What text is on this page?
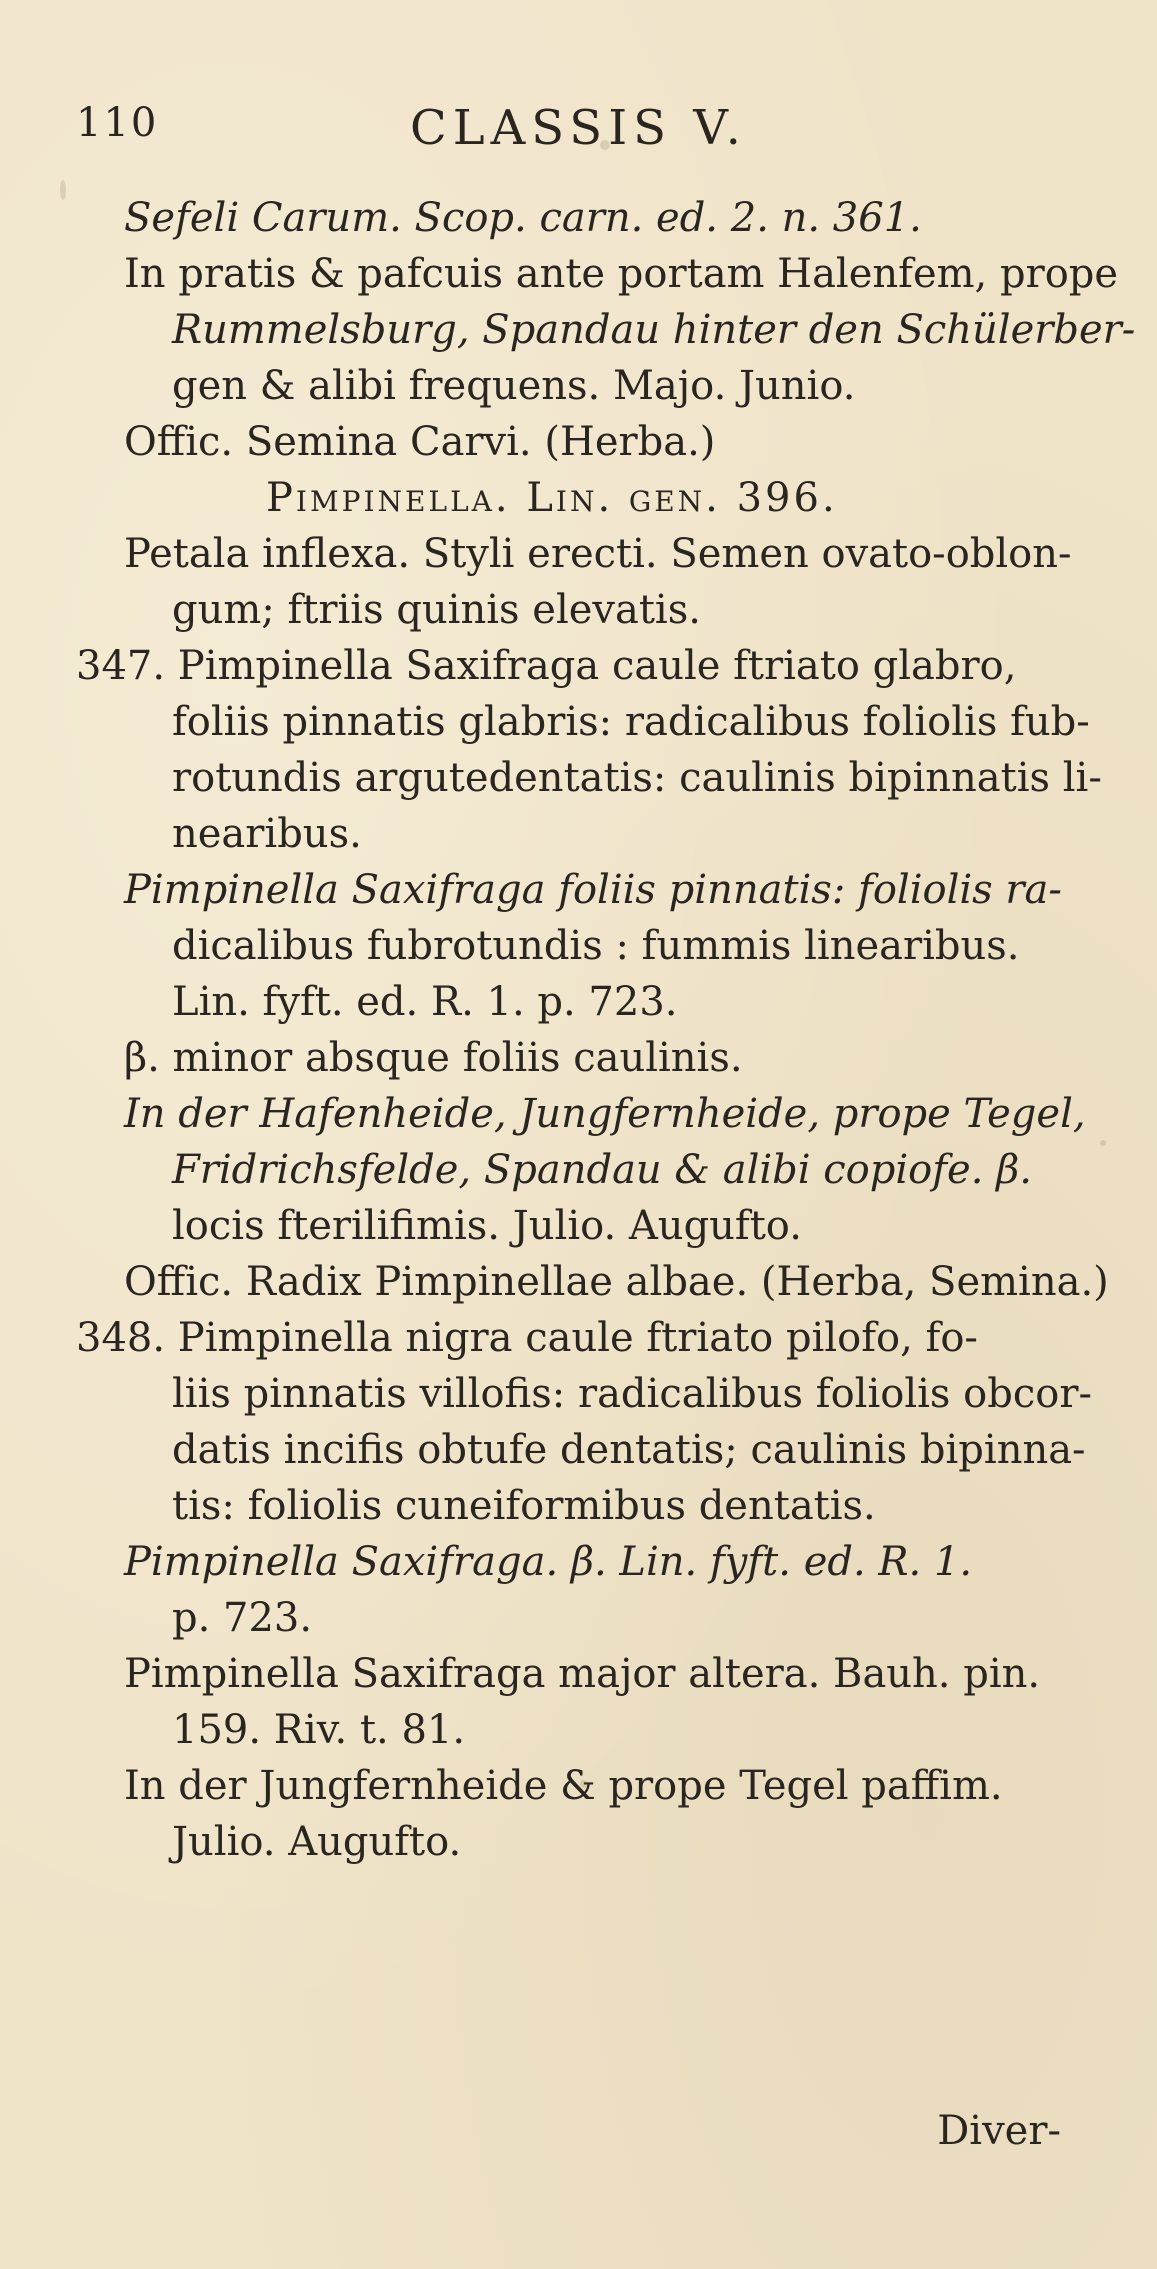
110	CLASSIS V.
Sefeli Carum. Scop. carn. ed. 2. n. 361.
In pratis & pafcuis ante portam Halenfem, prope
Rummelsburg, Spandau hinter den Schülerber-
gen & alibi frequens. Majo. Junio.
Offic. Semina Carvi. (Herba.)
Pimpinella. Lin. gen. 396.
Petala inflexa. Styli erecti. Semen ovato-oblon-
gum; ftriis quinis elevatis.
347. Pimpinella Saxifraga caule ftriato glabro,
foliis pinnatis glabris: radicalibus foliolis fub-
rotundis argutedentatis: caulinis bipinnatis li-
nearibus.
Pimpinella Saxifraga foliis pinnatis: foliolis ra-
dicalibus fubrotundis : fummis linearibus.
Lin. fyft. ed. R. 1. p. 723.
β. minor absque foliis caulinis.
In der Hafenheide, Jungfernheide, prope Tegel,
Fridrichsfelde, Spandau & alibi copiofe. β.
locis fterilifimis. Julio. Augufto.
Offic. Radix Pimpinellae albae. (Herba, Semina.)
348. Pimpinella nigra caule ftriato pilofo, fo-
liis pinnatis villofis: radicalibus foliolis obcor-
datis incifis obtufe dentatis; caulinis bipinna-
tis: foliolis cuneiformibus dentatis.
Pimpinella Saxifraga. β. Lin. fyft. ed. R. 1.
p. 723.
Pimpinella Saxifraga major altera. Bauh. pin.
159. Riv. t. 81.
In der Jungfernheide & prope Tegel paffim.
Julio. Augufto.
Diver-
